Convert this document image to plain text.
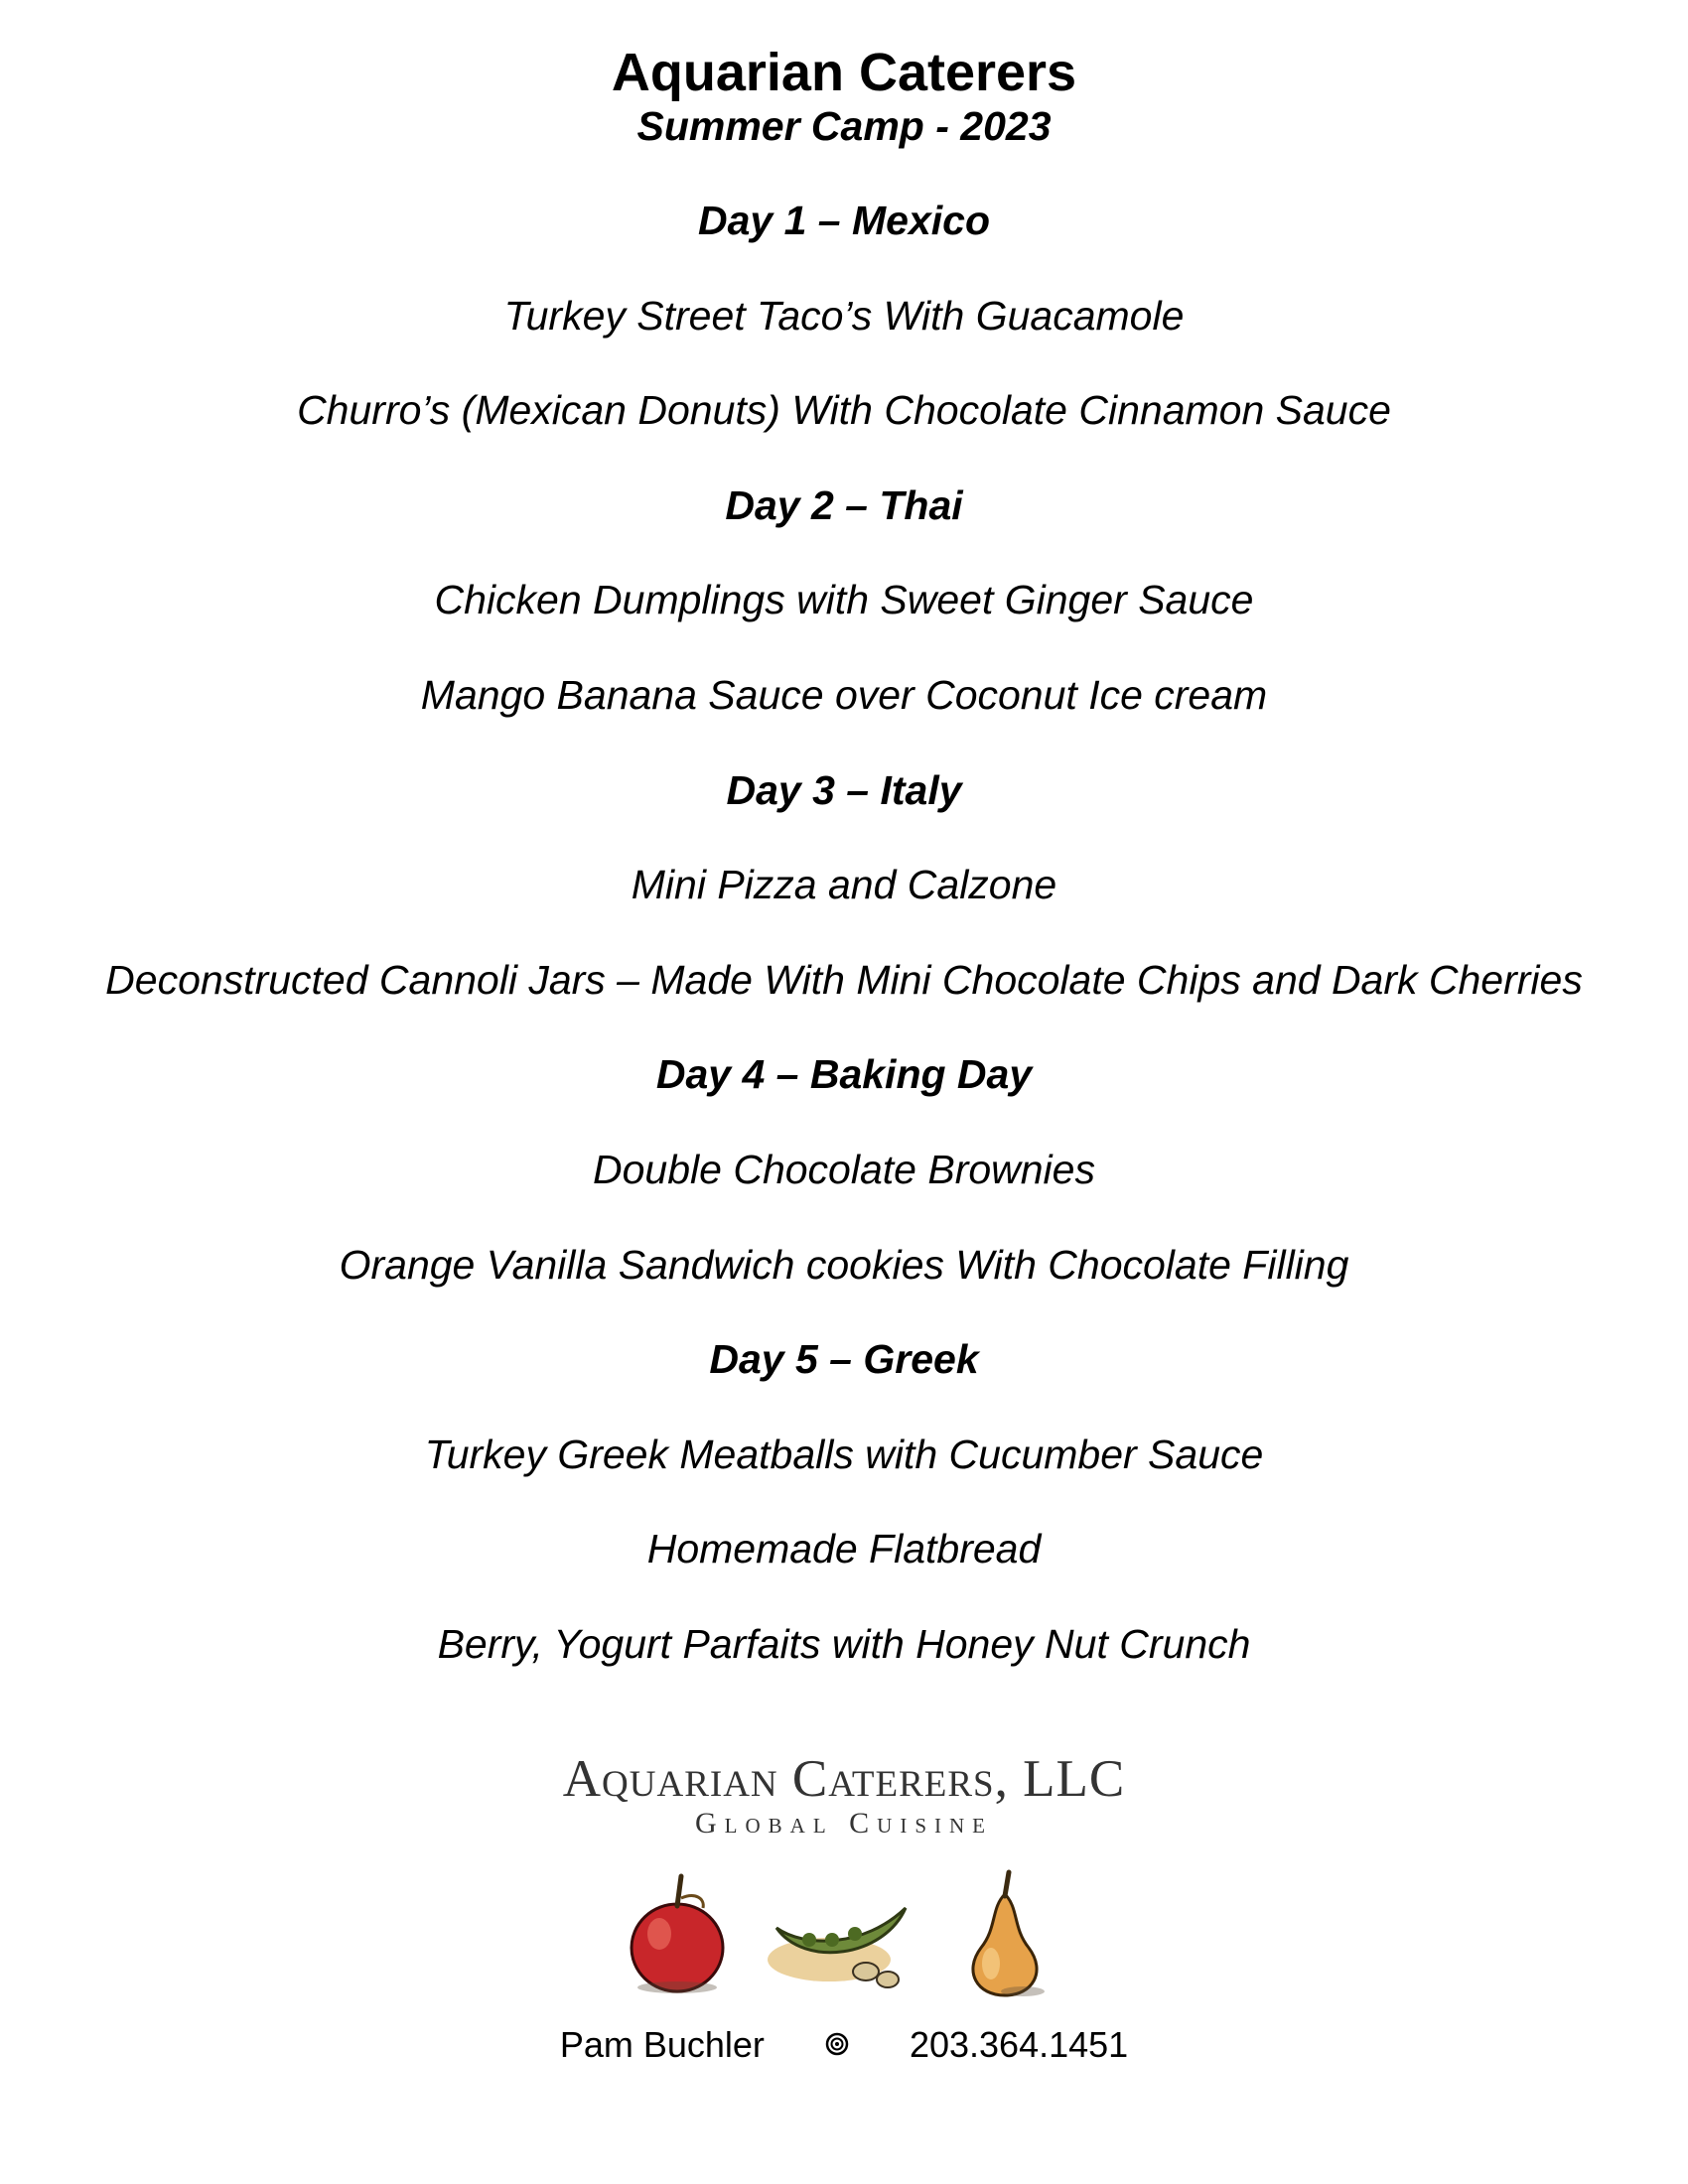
Aquarian Caterers
Summer Camp - 2023
Day 1 – Mexico
Turkey Street Taco’s With Guacamole
Churro’s (Mexican Donuts) With Chocolate Cinnamon Sauce
Day 2 – Thai
Chicken Dumplings with Sweet Ginger Sauce
Mango Banana Sauce over Coconut Ice cream
Day 3 – Italy
Mini Pizza and Calzone
Deconstructed Cannoli Jars – Made With Mini Chocolate Chips and Dark Cherries
Day 4 – Baking Day
Double Chocolate Brownies
Orange Vanilla Sandwich cookies With Chocolate Filling
Day 5 – Greek
Turkey Greek Meatballs with Cucumber Sauce
Homemade Flatbread
Berry, Yogurt Parfaits with Honey Nut Crunch
Aquarian Caterers, LLC
Global Cuisine
Pam Buchler	203.364.1451
